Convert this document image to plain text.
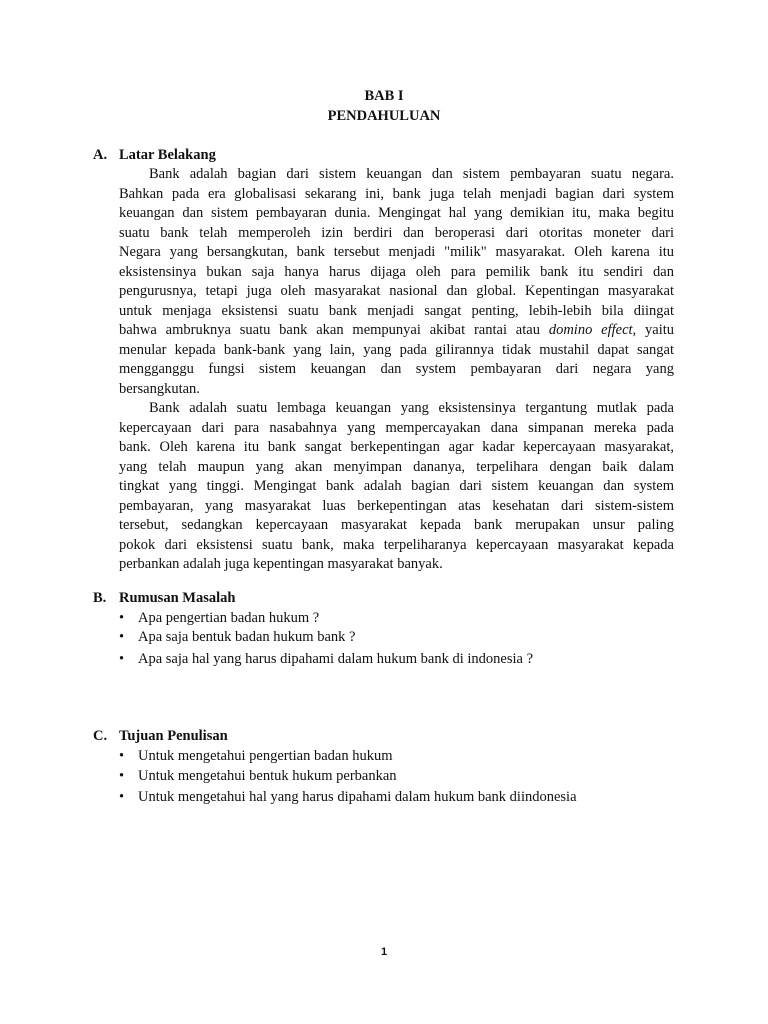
BAB I
PENDAHULUAN
A. Latar Belakang
Bank adalah bagian dari sistem keuangan dan sistem pembayaran suatu negara.
Bahkan pada era globalisasi sekarang ini, bank juga telah menjadi bagian dari system
keuangan dan sistem pembayaran dunia. Mengingat hal yang demikian itu, maka begitu
suatu bank telah memperoleh izin berdiri dan beroperasi dari otoritas moneter dari
Negara yang bersangkutan, bank tersebut menjadi "milik" masyarakat. Oleh karena itu
eksistensinya bukan saja hanya harus dijaga oleh para pemilik bank itu sendiri dan
pengurusnya, tetapi juga oleh masyarakat nasional dan global. Kepentingan masyarakat
untuk menjaga eksistensi suatu bank menjadi sangat penting, lebih-lebih bila diingat
bahwa ambruknya suatu bank akan mempunyai akibat rantai atau domino effect, yaitu
menular kepada bank-bank yang lain, yang pada gilirannya tidak mustahil dapat sangat
mengganggu fungsi sistem keuangan dan system pembayaran dari negara yang
bersangkutan.
Bank adalah suatu lembaga keuangan yang eksistensinya tergantung mutlak pada
kepercayaan dari para nasabahnya yang mempercayakan dana simpanan mereka pada
bank. Oleh karena itu bank sangat berkepentingan agar kadar kepercayaan masyarakat,
yang telah maupun yang akan menyimpan dananya, terpelihara dengan baik dalam
tingkat yang tinggi. Mengingat bank adalah bagian dari sistem keuangan dan system
pembayaran, yang masyarakat luas berkepentingan atas kesehatan dari sistem-sistem
tersebut, sedangkan kepercayaan masyarakat kepada bank merupakan unsur paling
pokok dari eksistensi suatu bank, maka terpeliharanya kepercayaan masyarakat kepada
perbankan adalah juga kepentingan masyarakat banyak.
B. Rumusan Masalah
• Apa pengertian badan hukum ?
• Apa saja bentuk badan hukum bank ?
• Apa saja hal yang harus dipahami dalam hukum bank di indonesia ?
C. Tujuan Penulisan
• Untuk mengetahui pengertian badan hukum
• Untuk mengetahui bentuk hukum perbankan
• Untuk mengetahui hal yang harus dipahami dalam hukum bank diindonesia
1
